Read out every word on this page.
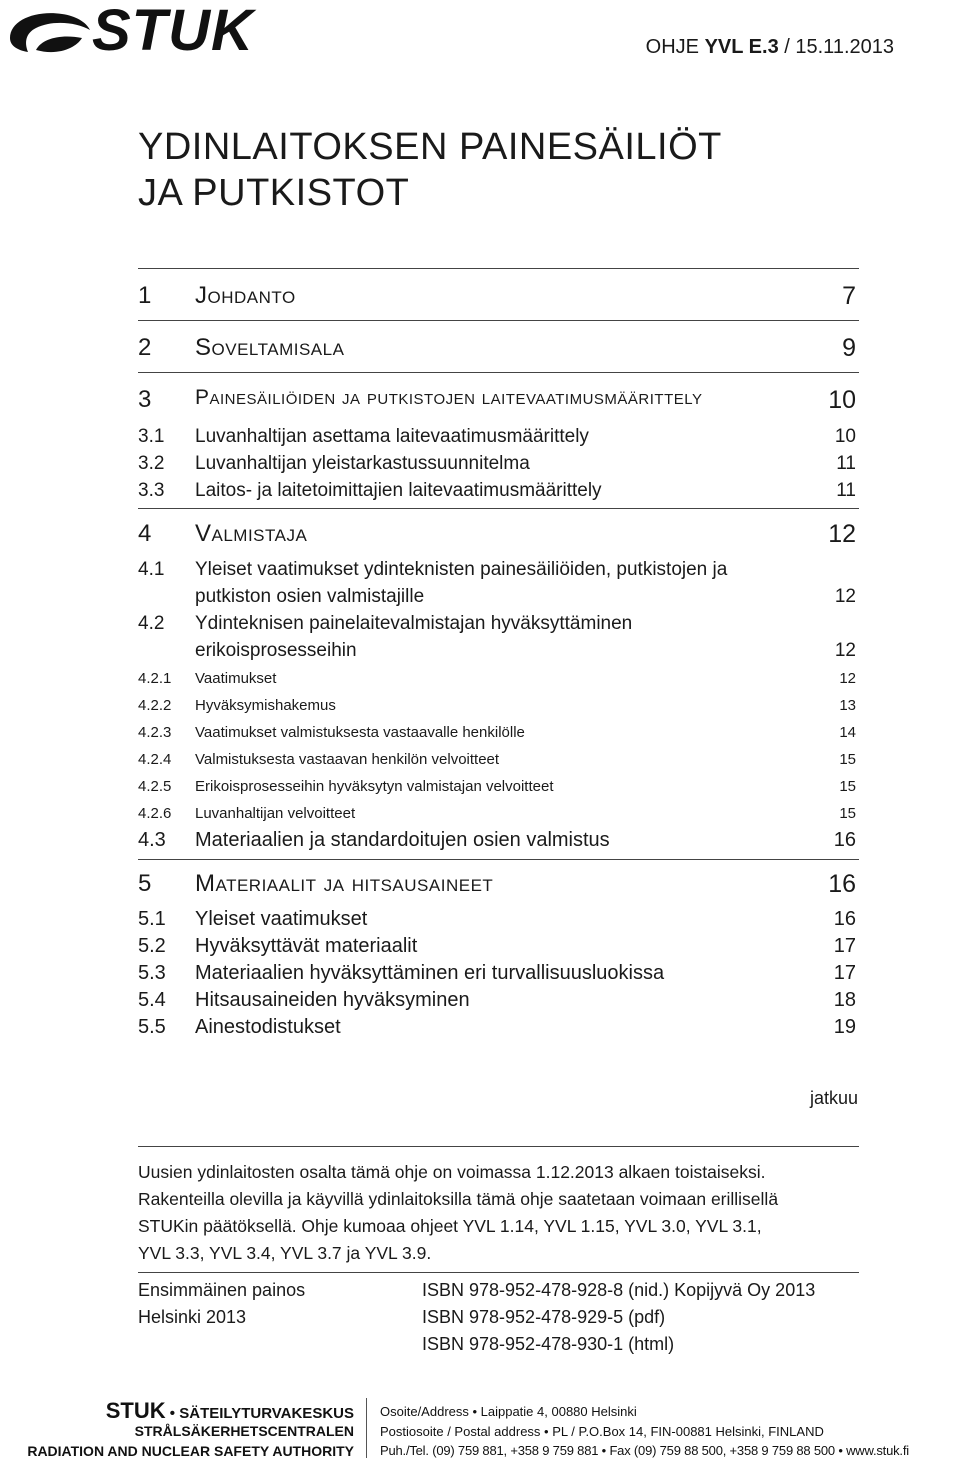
STUK	OHJE YVL E.3 / 15.11.2013
YDINLAITOKSEN PAINESÄILIÖT
JA PUTKISTOT
1 Johdanto	7
2 Soveltamisala	9
3 Painesäiliöiden ja putkistojen laitevaatimusmäärittely	10
3.1 Luvanhaltijan asettama laitevaatimusmäärittely	10
3.2 Luvanhaltijan yleistarkastussuunnitelma	11
3.3 Laitos- ja laitetoimittajien laitevaatimusmäärittely	11
4 Valmistaja	12
4.1 Yleiset vaatimukset ydinteknisten painesäiliöiden, putkistojen ja
putkiston osien valmistajille	12
4.2 Ydinteknisen painelaitevalmistajan hyväksyttäminen
erikoisprosesseihin	12
4.2.1 Vaatimukset	12
4.2.2 Hyväksymishakemus	13
4.2.3 Vaatimukset valmistuksesta vastaavalle henkilölle	14
4.2.4 Valmistuksesta vastaavan henkilön velvoitteet	15
4.2.5 Erikoisprosesseihin hyväksytyn valmistajan velvoitteet	15
4.2.6 Luvanhaltijan velvoitteet	15
4.3 Materiaalien ja standardoitujen osien valmistus	16
5 Materiaalit ja hitsausaineet	16
5.1 Yleiset vaatimukset	16
5.2 Hyväksyttävät materiaalit	17
5.3 Materiaalien hyväksyttäminen eri turvallisuusluokissa	17
5.4 Hitsausaineiden hyväksyminen	18
5.5 Ainestodistukset	19
jatkuu
Uusien ydinlaitosten osalta tämä ohje on voimassa 1.12.2013 alkaen toistaiseksi.
Rakenteilla olevilla ja käyvillä ydinlaitoksilla tämä ohje saatetaan voimaan erillisellä
STUKin päätöksellä. Ohje kumoaa ohjeet YVL 1.14, YVL 1.15, YVL 3.0, YVL 3.1,
YVL 3.3, YVL 3.4, YVL 3.7 ja YVL 3.9.
Ensimmäinen painos
Helsinki 2013
ISBN 978-952-478-928-8 (nid.) Kopijyvä Oy 2013
ISBN 978-952-478-929-5 (pdf)
ISBN 978-952-478-930-1 (html)
STUK • SÄTEILYTURVAKESKUS
STRÅLSÄKERHETSCENTRALEN
RADIATION AND NUCLEAR SAFETY AUTHORITY
Osoite/Address • Laippatie 4, 00880 Helsinki
Postiosoite / Postal address • PL / P.O.Box 14, FIN-00881 Helsinki, FINLAND
Puh./Tel. (09) 759 881, +358 9 759 881 • Fax (09) 759 88 500, +358 9 759 88 500 • www.stuk.fi
